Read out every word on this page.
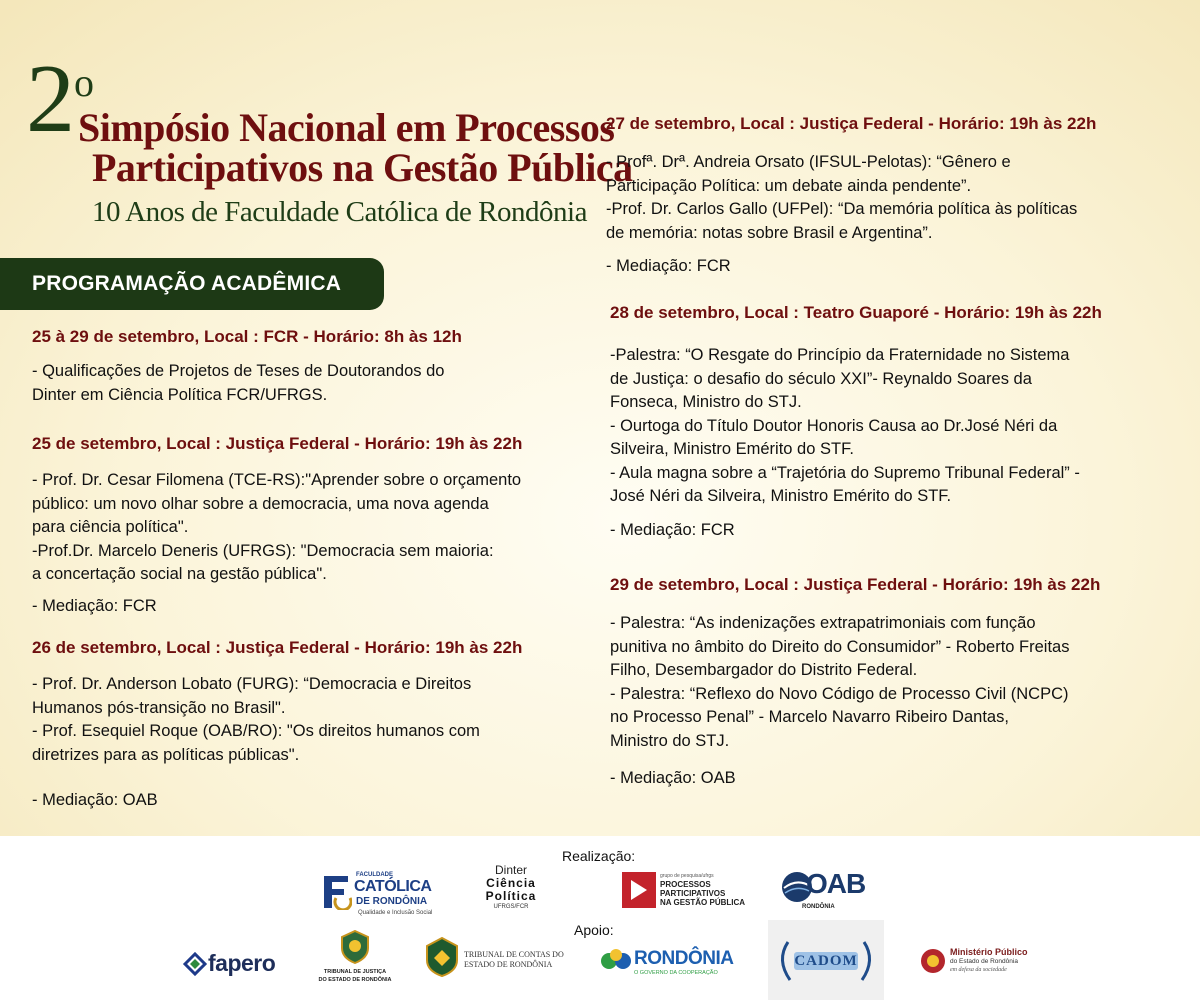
2 o
Simpósio Nacional em Processos
Participativos na Gestão Pública
10 Anos de Faculdade Católica de Rondônia
PROGRAMAÇÃO ACADÊMICA
25 à 29 de setembro, Local : FCR - Horário: 8h às 12h
- Qualificações de Projetos de Teses de Doutorandos do
Dinter em Ciência Política FCR/UFRGS.
25 de setembro, Local : Justiça Federal - Horário: 19h às 22h
- Prof. Dr. Cesar Filomena (TCE-RS):"Aprender sobre o orçamento
público: um novo olhar sobre a democracia, uma nova agenda
para ciência política".
-Prof.Dr. Marcelo Deneris (UFRGS): "Democracia sem maioria:
a concertação social na gestão pública".
- Mediação: FCR
26 de setembro, Local : Justiça Federal - Horário: 19h às 22h
- Prof. Dr. Anderson Lobato (FURG): “Democracia e Direitos
Humanos pós-transição no Brasil".
- Prof. Esequiel Roque (OAB/RO): "Os direitos humanos com
diretrizes para as políticas públicas".
- Mediação: OAB
27 de setembro, Local : Justiça Federal - Horário: 19h às 22h
- Profª. Drª. Andreia Orsato (IFSUL-Pelotas): “Gênero e
Participação Política: um debate ainda pendente”.
-Prof. Dr. Carlos Gallo (UFPel): “Da memória política às políticas
de memória: notas sobre Brasil e Argentina”.
- Mediação: FCR
28 de setembro, Local : Teatro Guaporé - Horário: 19h às 22h
-Palestra: “O Resgate do Princípio da Fraternidade no Sistema
de Justiça: o desafio do século XXI”- Reynaldo Soares da
Fonseca, Ministro do STJ.
- Ourtoga do Título Doutor Honoris Causa ao Dr.José Néri da
Silveira, Ministro Emérito do STF.
- Aula magna sobre a “Trajetória do Supremo Tribunal Federal” -
José Néri da Silveira, Ministro Emérito do STF.
- Mediação: FCR
29 de setembro, Local : Justiça Federal - Horário: 19h às 22h
- Palestra: “As indenizações extrapatrimoniais com função
punitiva no âmbito do Direito do Consumidor” - Roberto Freitas
Filho, Desembargador do Distrito Federal.
- Palestra: “Reflexo do Novo Código de Processo Civil (NCPC)
no Processo Penal” - Marcelo Navarro Ribeiro Dantas,
Ministro do STJ.
- Mediação: OAB
Realização:
FACULDADE
CATÓLICA
DE RONDÔNIA
Qualidade e Inclusão Social
Dinter
Ciência
Política
UFRGS/FCR
grupo de pesquisa/ufrgs
PROCESSOS
PARTICIPATIVOS
NA GESTÃO PÚBLICA
OAB
RONDÔNIA
Apoio:
fapero	TRIBUNAL DE JUSTIÇA
DO ESTADO DE RONDÔNIA
TRIBUNAL DE CONTAS DO
ESTADO DE RONDÔNIA	RONDÔNIA
O GOVERNO DA COOPERAÇÃO
CADOM
Ministério Público
do Estado de Rondônia
em defesa da sociedade
